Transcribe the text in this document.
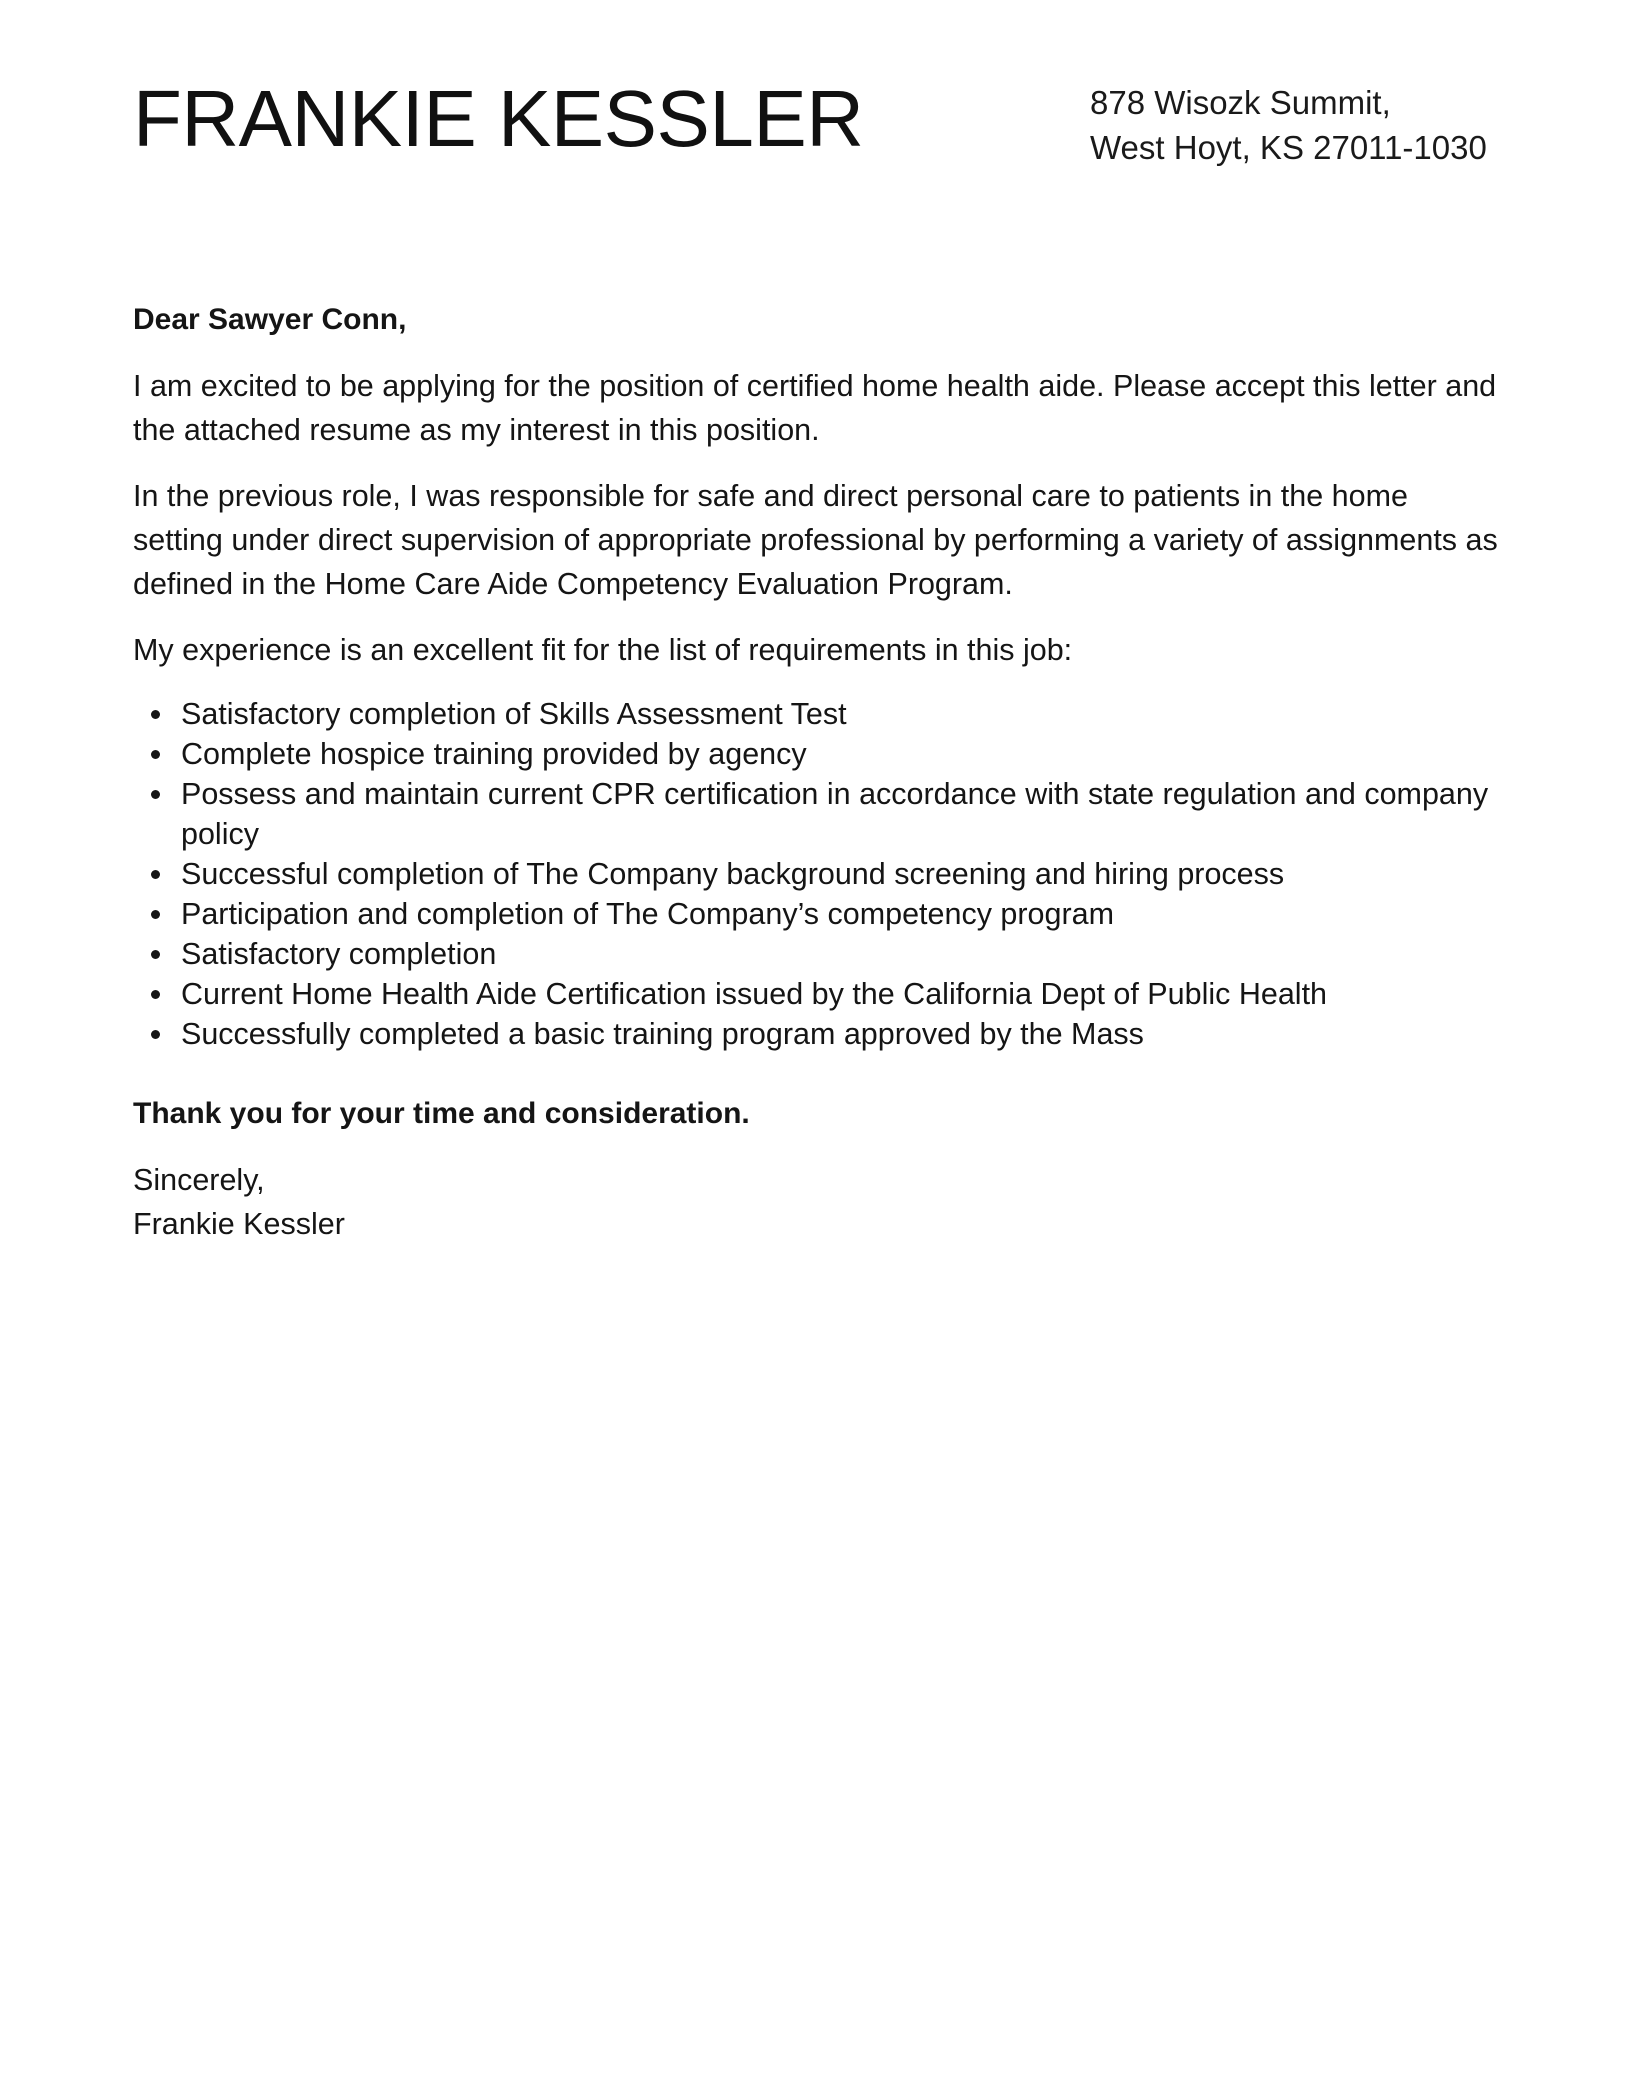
FRANKIE KESSLER	878 Wisozk Summit,
West Hoyt, KS 27011-1030

Dear Sawyer Conn,

I am excited to be applying for the position of certified home health aide. Please accept this letter and the attached resume as my interest in this position.

In the previous role, I was responsible for safe and direct personal care to patients in the home setting under direct supervision of appropriate professional by performing a variety of assignments as defined in the Home Care Aide Competency Evaluation Program.

My experience is an excellent fit for the list of requirements in this job:

Satisfactory completion of Skills Assessment Test
Complete hospice training provided by agency
Possess and maintain current CPR certification in accordance with state regulation and company policy
Successful completion of The Company background screening and hiring process
Participation and completion of The Company’s competency program
Satisfactory completion
Current Home Health Aide Certification issued by the California Dept of Public Health
Successfully completed a basic training program approved by the Mass

Thank you for your time and consideration.

Sincerely,
Frankie Kessler
